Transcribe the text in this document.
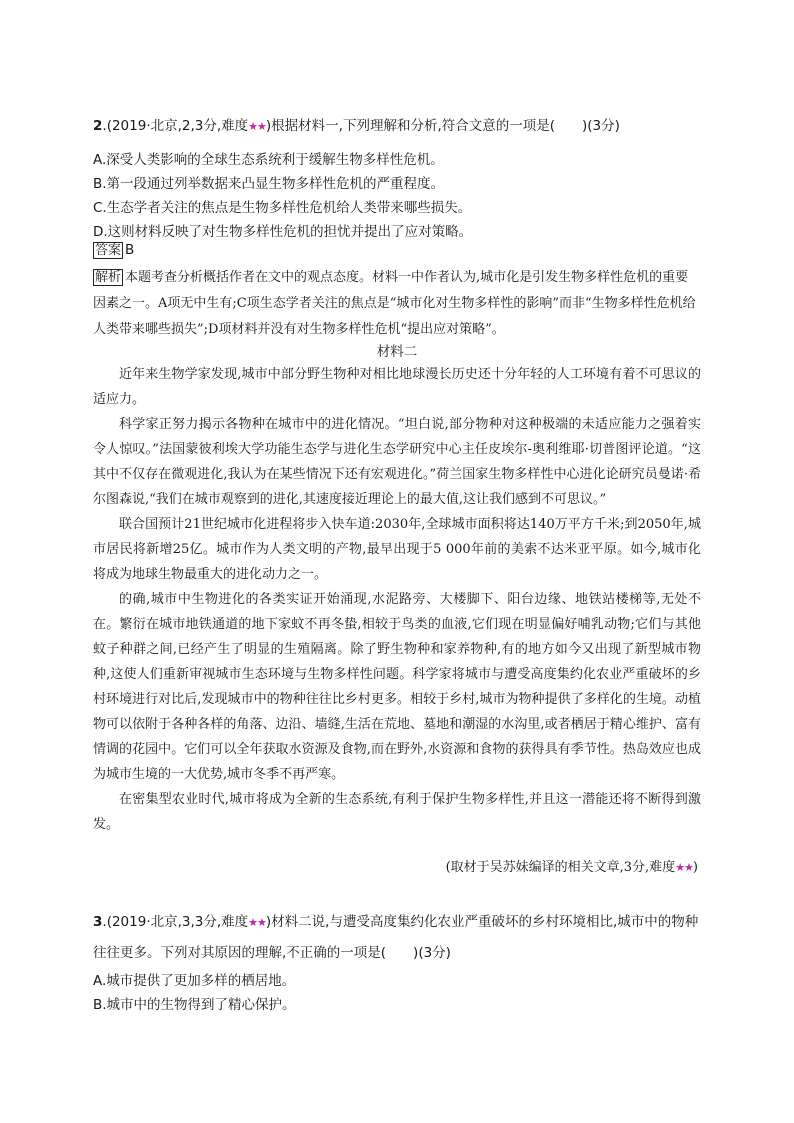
2.(2019·北京,2,3分,难度★★)根据材料一,下列理解和分析,符合文意的一项是(　　)(3分)
A.深受人类影响的全球生态系统利于缓解生物多样性危机。
B.第一段通过列举数据来凸显生物多样性危机的严重程度。
C.生态学者关注的焦点是生物多样性危机给人类带来哪些损失。
D.这则材料反映了对生物多样性危机的担忧并提出了应对策略。
答案 B
解析 本题考查分析概括作者在文中的观点态度。材料一中作者认为,城市化是引发生物多样性危机的重要因素之一。A项无中生有;C项生态学者关注的焦点是“城市化对生物多样性的影响”而非“生物多样性危机给人类带来哪些损失”;D项材料并没有对生物多样性危机“提出应对策略”。
材料二

近年来生物学家发现,城市中部分野生物种对相比地球漫长历史还十分年轻的人工环境有着不可思议的适应力。

科学家正努力揭示各物种在城市中的进化情况。“坦白说,部分物种对这种极端的未适应能力之强着实令人惊叹。”法国蒙彼利埃大学功能生态学与进化生态学研究中心主任皮埃尔-奥利维耶·切普图评论道。“这其中不仅存在微观进化,我认为在某些情况下还有宏观进化。”荷兰国家生物多样性中心进化论研究员曼诺·希尔图森说,“我们在城市观察到的进化,其速度接近理论上的最大值,这让我们感到不可思议。”

联合国预计21世纪城市化进程将步入快车道:2030年,全球城市面积将达140万平方千米;到2050年,城市居民将新增25亿。城市作为人类文明的产物,最早出现于5 000年前的美索不达米亚平原。如今,城市化将成为地球生物最重大的进化动力之一。

的确,城市中生物进化的各类实证开始涌现,水泥路旁、大楼脚下、阳台边缘、地铁站楼梯等,无处不在。繁衍在城市地铁通道的地下家蚊不再冬蛰,相较于鸟类的血液,它们现在明显偏好哺乳动物;它们与其他蚊子种群之间,已经产生了明显的生殖隔离。除了野生物种和家养物种,有的地方如今又出现了新型城市物种,这使人们重新审视城市生态环境与生物多样性问题。科学家将城市与遭受高度集约化农业严重破坏的乡村环境进行对比后,发现城市中的物种往往比乡村更多。相较于乡村,城市为物种提供了多样化的生境。动植物可以依附于各种各样的角落、边沿、墙缝,生活在荒地、墓地和潮湿的水沟里,或者栖居于精心维护、富有情调的花园中。它们可以全年获取水资源及食物,而在野外,水资源和食物的获得具有季节性。热岛效应也成为城市生境的一大优势,城市冬季不再严寒。

在密集型农业时代,城市将成为全新的生态系统,有利于保护生物多样性,并且这一潜能还将不断得到激发。

(取材于吴苏妹编译的相关文章,3分,难度★★)
3.(2019·北京,3,3分,难度★★)材料二说,与遭受高度集约化农业严重破坏的乡村环境相比,城市中的物种往往更多。下列对其原因的理解,不正确的一项是(　　)(3分)
A.城市提供了更加多样的栖居地。
B.城市中的生物得到了精心保护。
